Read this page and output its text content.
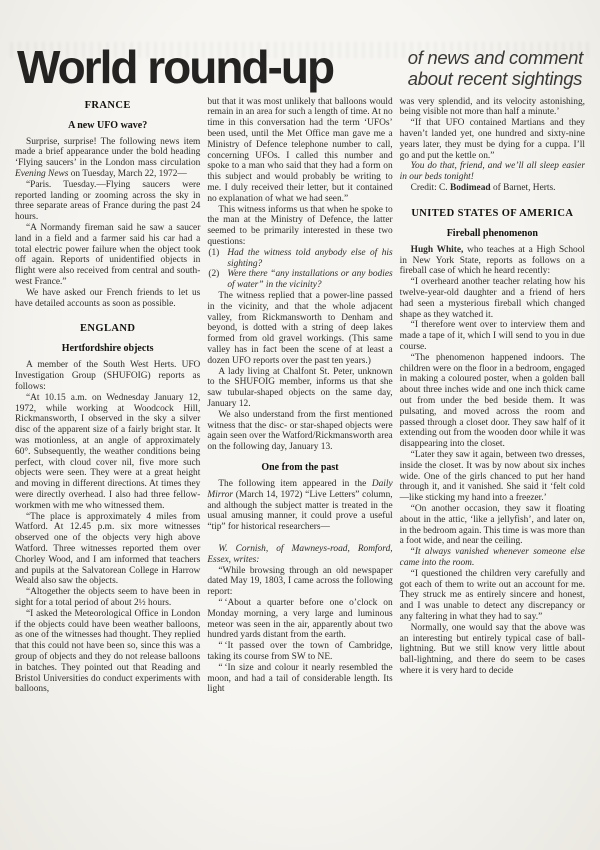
World round-up	of news and comment
about recent sightings

FRANCE

A new UFO wave?

Surprise, surprise! The following news item made a brief appearance under the bold heading ‘Flying saucers’ in the London mass circulation Evening News on Tuesday, March 22, 1972—

“Paris. Tuesday.—Flying saucers were reported landing or zooming across the sky in three separate areas of France during the past 24 hours.

“A Normandy fireman said he saw a saucer land in a field and a farmer said his car had a total electric power failure when the object took off again. Reports of unidentified objects in flight were also received from central and south-west France.”

We have asked our French friends to let us have detailed accounts as soon as possible.

ENGLAND

Hertfordshire objects

A member of the South West Herts. UFO Investigation Group (SHUFOIG) reports as follows:

“At 10.15 a.m. on Wednesday January 12, 1972, while working at Woodcock Hill, Rickmansworth, I observed in the sky a silver disc of the apparent size of a fairly bright star. It was motionless, at an angle of approximately 60°. Subsequently, the weather conditions being perfect, with cloud cover nil, five more such objects were seen. They were at a great height and moving in different directions. At times they were directly overhead. I also had three fellow-workmen with me who witnessed them.

“The place is approximately 4 miles from Watford. At 12.45 p.m. six more witnesses observed one of the objects very high above Watford. Three witnesses reported them over Chorley Wood, and I am informed that teachers and pupils at the Salvatorean College in Harrow Weald also saw the objects.

“Altogether the objects seem to have been in sight for a total period of about 2½ hours.

“I asked the Meteorological Office in London if the objects could have been weather balloons, as one of the witnesses had thought. They replied that this could not have been so, since this was a group of objects and they do not release balloons in batches. They pointed out that Reading and Bristol Universities do conduct experiments with balloons,

but that it was most unlikely that balloons would remain in an area for such a length of time. At no time in this conversation had the term ‘UFOs’ been used, until the Met Office man gave me a Ministry of Defence telephone number to call, concerning UFOs. I called this number and spoke to a man who said that they had a form on this subject and would probably be writing to me. I duly received their letter, but it contained no explanation of what we had seen.”

This witness informs us that when he spoke to the man at the Ministry of Defence, the latter seemed to be primarily interested in these two questions:

(1) Had the witness told anybody else of his sighting?
(2) Were there “any installations or any bodies of water” in the vicinity?

The witness replied that a power-line passed in the vicinity, and that the whole adjacent valley, from Rickmansworth to Denham and beyond, is dotted with a string of deep lakes formed from old gravel workings. (This same valley has in fact been the scene of at least a dozen UFO reports over the past ten years.)

A lady living at Chalfont St. Peter, unknown to the SHUFOIG member, informs us that she saw tubular-shaped objects on the same day, January 12.

We also understand from the first mentioned witness that the disc- or star-shaped objects were again seen over the Watford/Rickmansworth area on the following day, January 13.

One from the past

The following item appeared in the Daily Mirror (March 14, 1972) “Live Letters” column, and although the subject matter is treated in the usual amusing manner, it could prove a useful “tip” for historical researchers—

W. Cornish, of Mawneys-road, Romford, Essex, writes:

“While browsing through an old newspaper dated May 19, 1803, I came across the following report:

“ ‘About a quarter before one o’clock on Monday morning, a very large and luminous meteor was seen in the air, apparently about two hundred yards distant from the earth.

“ ‘It passed over the town of Cambridge, taking its course from SW to NE.

“ ‘In size and colour it nearly resembled the moon, and had a tail of considerable length. Its light

was very splendid, and its velocity astonishing, being visible not more than half a minute.’

“If that UFO contained Martians and they haven’t landed yet, one hundred and sixty-nine years later, they must be dying for a cuppa. I’ll go and put the kettle on.”

You do that, friend, and we’ll all sleep easier in our beds tonight!

Credit: C. Bodimead of Barnet, Herts.

UNITED STATES OF AMERICA

Fireball phenomenon

Hugh White, who teaches at a High School in New York State, reports as follows on a fireball case of which he heard recently:

“I overheard another teacher relating how his twelve-year-old daughter and a friend of hers had seen a mysterious fireball which changed shape as they watched it.

“I therefore went over to interview them and made a tape of it, which I will send to you in due course.

“The phenomenon happened indoors. The children were on the floor in a bedroom, engaged in making a coloured poster, when a golden ball about three inches wide and one inch thick came out from under the bed beside them. It was pulsating, and moved across the room and passed through a closet door. They saw half of it extending out from the wooden door while it was disappearing into the closet.

“Later they saw it again, between two dresses, inside the closet. It was by now about six inches wide. One of the girls chanced to put her hand through it, and it vanished. She said it ‘felt cold—like sticking my hand into a freezer.’

“On another occasion, they saw it floating about in the attic, ‘like a jellyfish’, and later on, in the bedroom again. This time is was more than a foot wide, and near the ceiling.

“It always vanished whenever someone else came into the room.

“I questioned the children very carefully and got each of them to write out an account for me. They struck me as entirely sincere and honest, and I was unable to detect any discrepancy or any faltering in what they had to say.”

Normally, one would say that the above was an interesting but entirely typical case of ball-lightning. But we still know very little about ball-lightning, and there do seem to be cases where it is very hard to decide
